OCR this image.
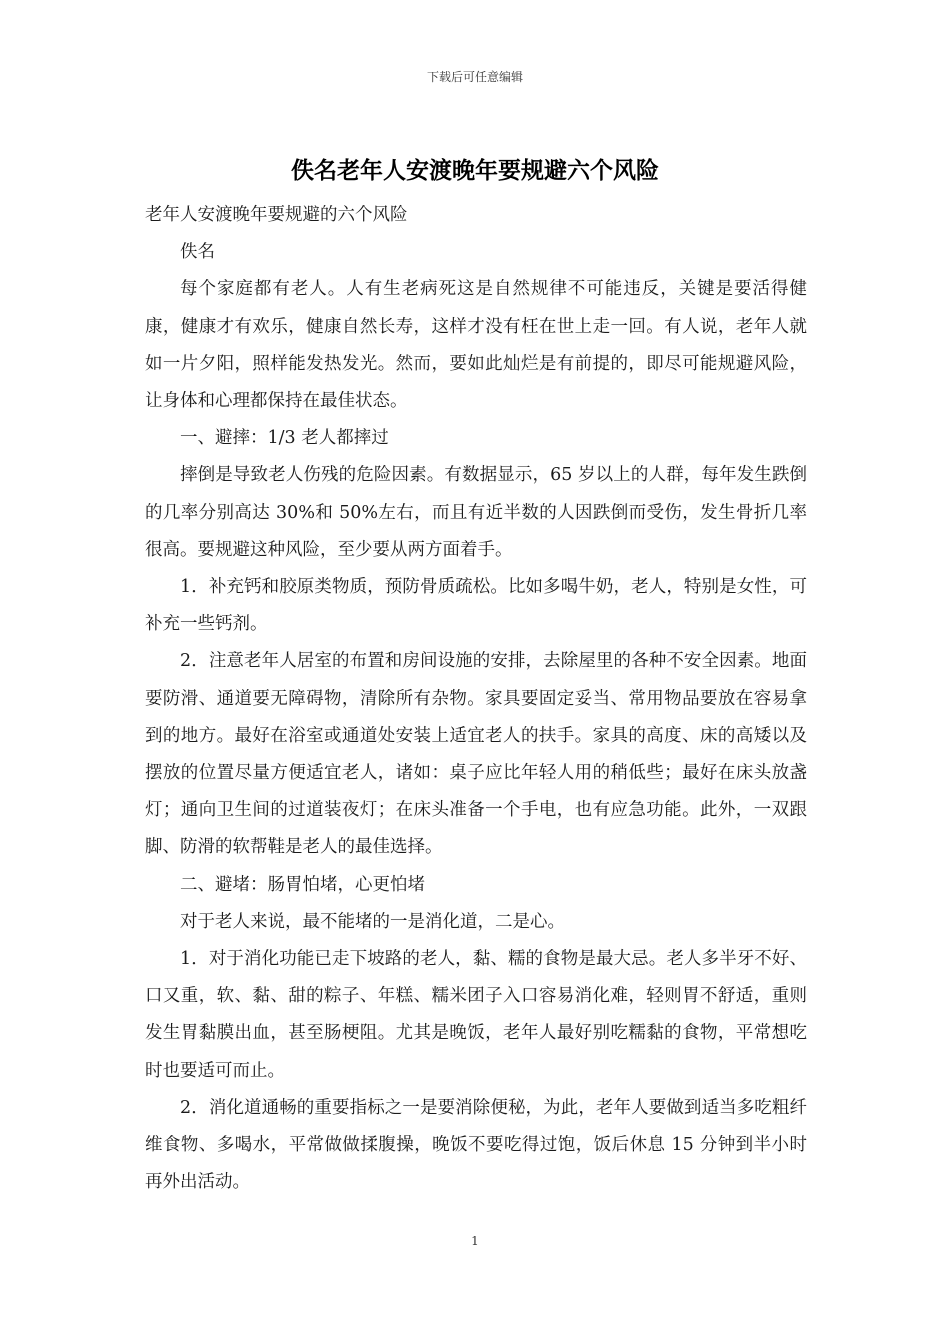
下载后可任意编辑
佚名老年人安渡晚年要规避六个风险

老年人安渡晚年要规避的六个风险

佚名

每个家庭都有老人。人有生老病死这是自然规律不可能违反，关键是要活得健康，健康才有欢乐，健康自然长寿，这样才没有枉在世上走一回。有人说，老年人就如一片夕阳，照样能发热发光。然而，要如此灿烂是有前提的，即尽可能规避风险，让身体和心理都保持在最佳状态。

一、避摔：1/3 老人都摔过

摔倒是导致老人伤残的危险因素。有数据显示，65 岁以上的人群，每年发生跌倒的几率分别高达 30%和 50%左右，而且有近半数的人因跌倒而受伤，发生骨折几率很高。要规避这种风险，至少要从两方面着手。

1．补充钙和胶原类物质，预防骨质疏松。比如多喝牛奶，老人，特别是女性，可补充一些钙剂。

2．注意老年人居室的布置和房间设施的安排，去除屋里的各种不安全因素。地面要防滑、通道要无障碍物，清除所有杂物。家具要固定妥当、常用物品要放在容易拿到的地方。最好在浴室或通道处安装上适宜老人的扶手。家具的高度、床的高矮以及摆放的位置尽量方便适宜老人，诸如：桌子应比年轻人用的稍低些；最好在床头放盏灯；通向卫生间的过道装夜灯；在床头准备一个手电，也有应急功能。此外，一双跟脚、防滑的软帮鞋是老人的最佳选择。

二、避堵：肠胃怕堵，心更怕堵

对于老人来说，最不能堵的一是消化道，二是心。

1．对于消化功能已走下坡路的老人，黏、糯的食物是最大忌。老人多半牙不好、口又重，软、黏、甜的粽子、年糕、糯米团子入口容易消化难，轻则胃不舒适，重则发生胃黏膜出血，甚至肠梗阻。尤其是晚饭，老年人最好别吃糯黏的食物，平常想吃时也要适可而止。

2．消化道通畅的重要指标之一是要消除便秘，为此，老年人要做到适当多吃粗纤维食物、多喝水，平常做做揉腹操，晚饭不要吃得过饱，饭后休息 15 分钟到半小时再外出活动。

1
